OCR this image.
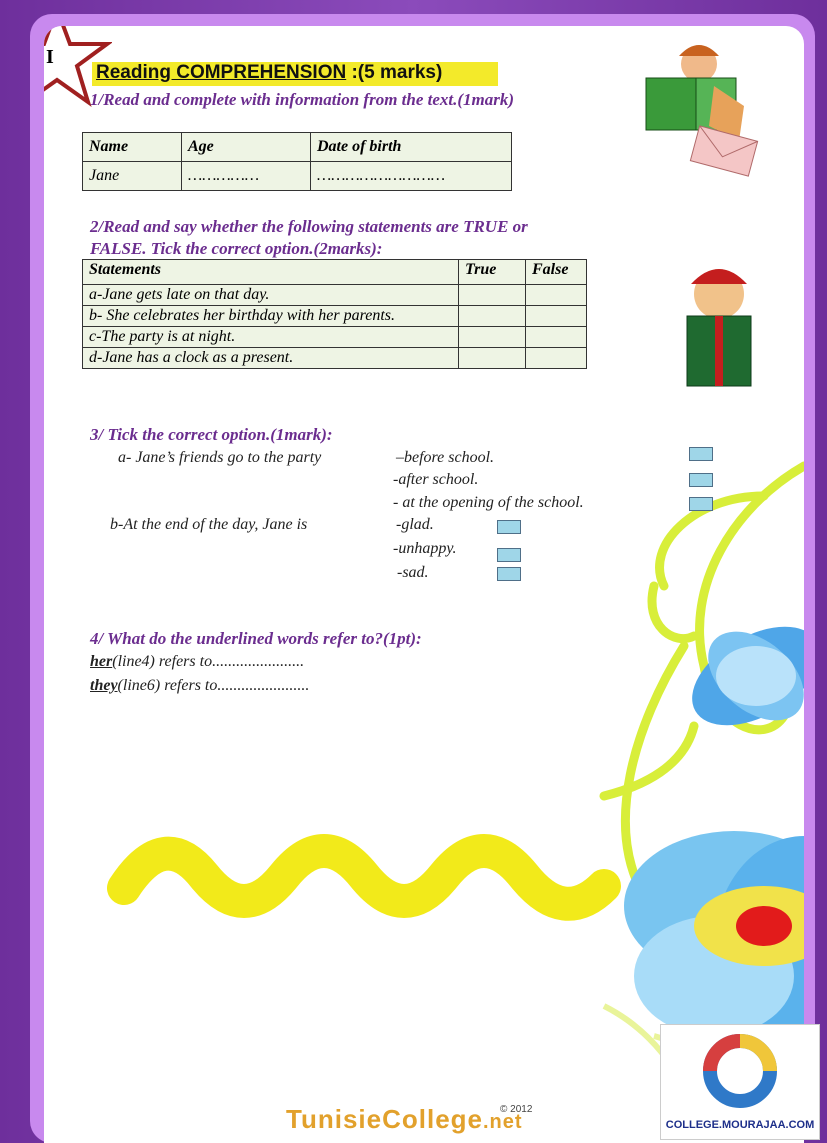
I
Reading COMPREHENSION :(5 marks)
1/Read and complete with information from the text.(1mark)
Name	Age	Date of birth
Jane	……………	………………………
2/Read and say whether the following statements are TRUE or
FALSE. Tick the correct option.(2marks):
Statements	True	False
a-Jane gets late on that day.		
b- She celebrates her birthday with her parents.		
c-The party is at night.		
d-Jane has a clock as a present.		
3/ Tick the correct option.(1mark):
a- Jane’s friends go to the party	–before school.
-after school.
- at the opening of the school.
b-At the end of the day, Jane is	-glad.
-unhappy.
-sad.
4/ What do the underlined words refer to?(1pt):
her(line4) refers to.......................
they(line6) refers to.......................
TunisieCollege.net
© 2012
COLLEGE.MOURAJAA.COM
